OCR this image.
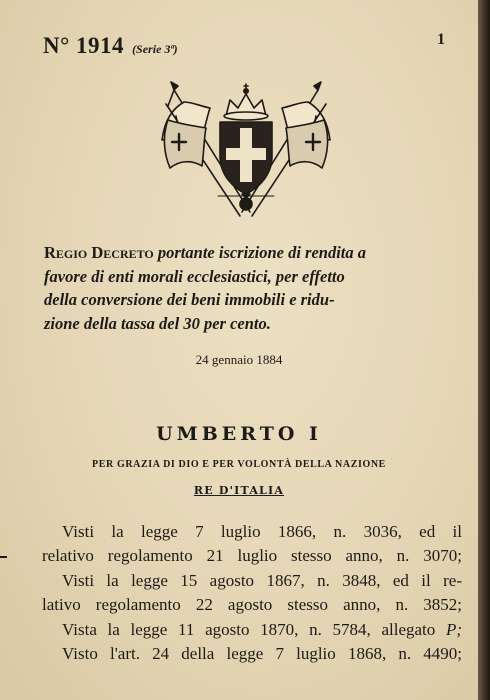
N° 1914 (Serie 3ª)
1
Regio Decreto portante iscrizione di rendita a
favore di enti morali ecclesiastici, per effetto
della conversione dei beni immobili e ridu-
zione della tassa del 30 per cento.
24 gennaio 1884
UMBERTO I
PER GRAZIA DI DIO E PER VOLONTÀ DELLA NAZIONE
RE D'ITALIA
Visti la legge 7 luglio 1866, n. 3036, ed il
relativo regolamento 21 luglio stesso anno, n. 3070;
Visti la legge 15 agosto 1867, n. 3848, ed il re-
lativo regolamento 22 agosto stesso anno, n. 3852;
Vista la legge 11 agosto 1870, n. 5784, allegato P;
Visto l'art. 24 della legge 7 luglio 1868, n. 4490;
